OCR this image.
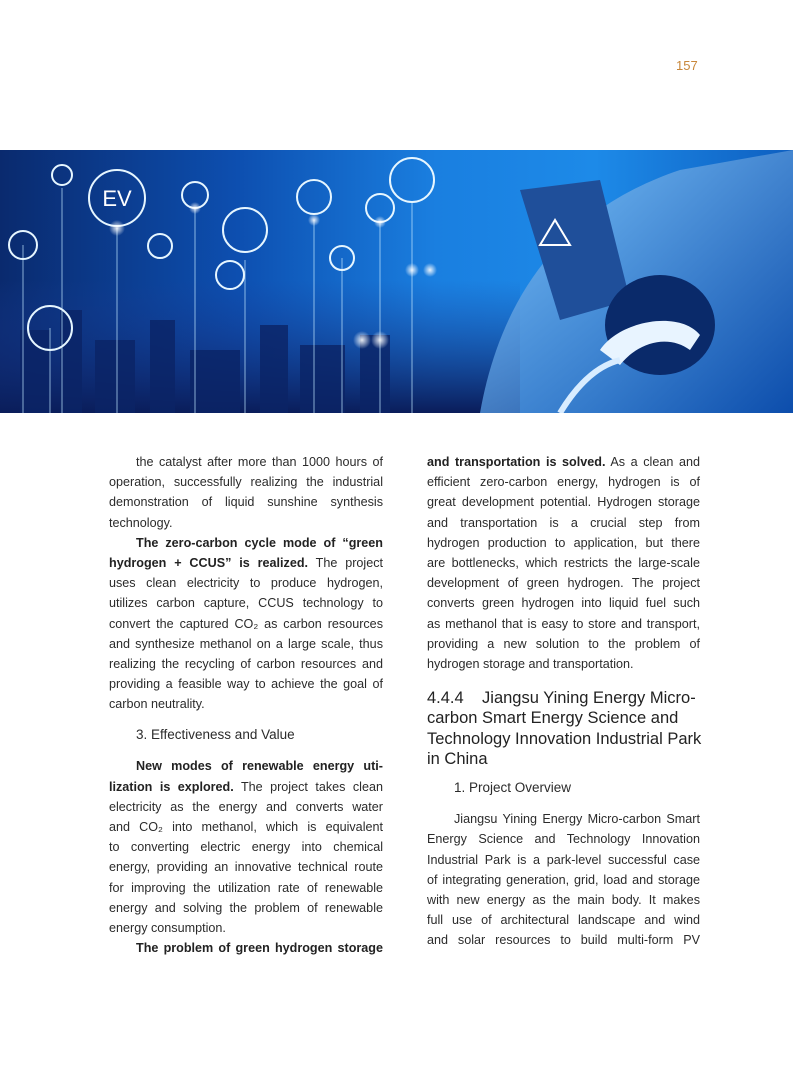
157
EV
the catalyst after more than 1000 hours of
operation, successfully realizing the industrial
demonstration of liquid sunshine synthesis
technology.
The zero-carbon cycle mode of “green
hydrogen + CCUS” is realized. The project
uses clean electricity to produce hydrogen,
utilizes carbon capture, CCUS technology to
convert the captured CO₂ as carbon resources
and synthesize methanol on a large scale, thus
realizing the recycling of carbon resources and
providing a feasible way to achieve the goal of
carbon neutrality.
3. Effectiveness and Value
New modes of renewable energy uti-
lization is explored. The project takes clean
electricity as the energy and converts water
and CO₂ into methanol, which is equivalent
to converting electric energy into chemical
energy, providing an innovative technical route
for improving the utilization rate of renewable
energy and solving the problem of renewable
energy consumption.
The problem of green hydrogen storage
and transportation is solved. As a clean and
efficient zero-carbon energy, hydrogen is of
great development potential. Hydrogen storage
and transportation is a crucial step from
hydrogen production to application, but there
are bottlenecks, which restricts the large-scale
development of green hydrogen. The project
converts green hydrogen into liquid fuel such
as methanol that is easy to store and transport,
providing a new solution to the problem of
hydrogen storage and transportation.
4.4.4    Jiangsu Yining Energy Micro-
carbon Smart Energy Science and
Technology Innovation Industrial Park
in China
1. Project Overview
Jiangsu Yining Energy Micro-carbon Smart
Energy Science and Technology Innovation
Industrial Park is a park-level successful case
of integrating generation, grid, load and storage
with new energy as the main body. It makes
full use of architectural landscape and wind
and solar resources to build multi-form PV
